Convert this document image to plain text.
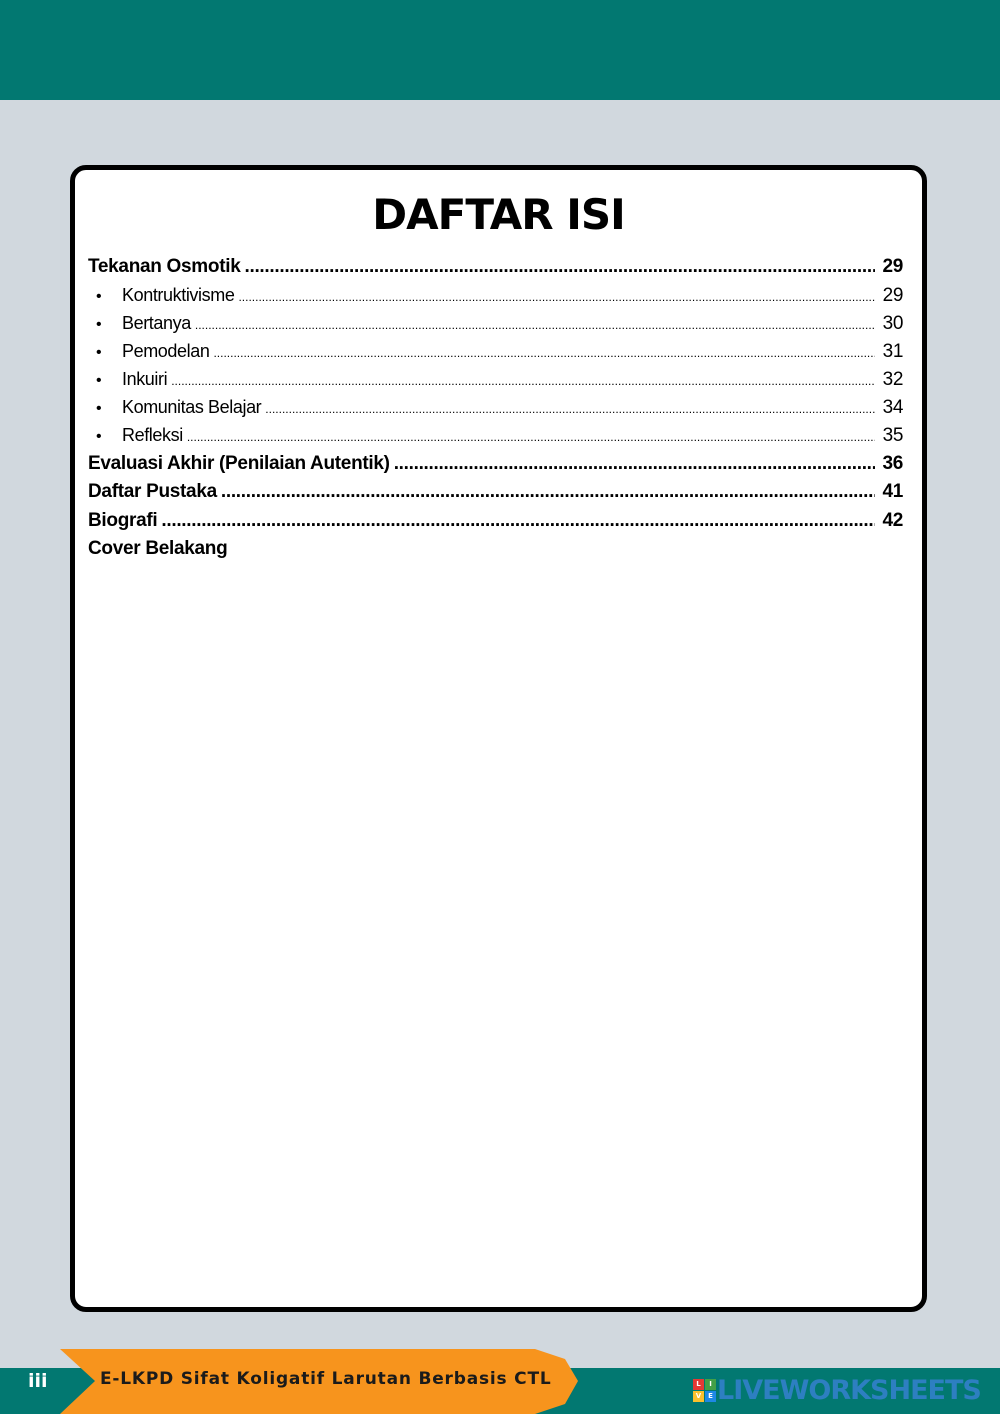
DAFTAR ISI
Tekanan Osmotik .....	29
•	Kontruktivisme .....	29
•	Bertanya .....	30
•	Pemodelan .....	31
•	Inkuiri .....	32
•	Komunitas Belajar .....	34
•	Refleksi .....	35
Evaluasi Akhir (Penilaian Autentik) .....	36
Daftar Pustaka .....	41
Biografi .....	42
Cover Belakang
iii	E-LKPD Sifat Koligatif Larutan Berbasis CTL	L	I
V E LIVEWORKSHEETS
